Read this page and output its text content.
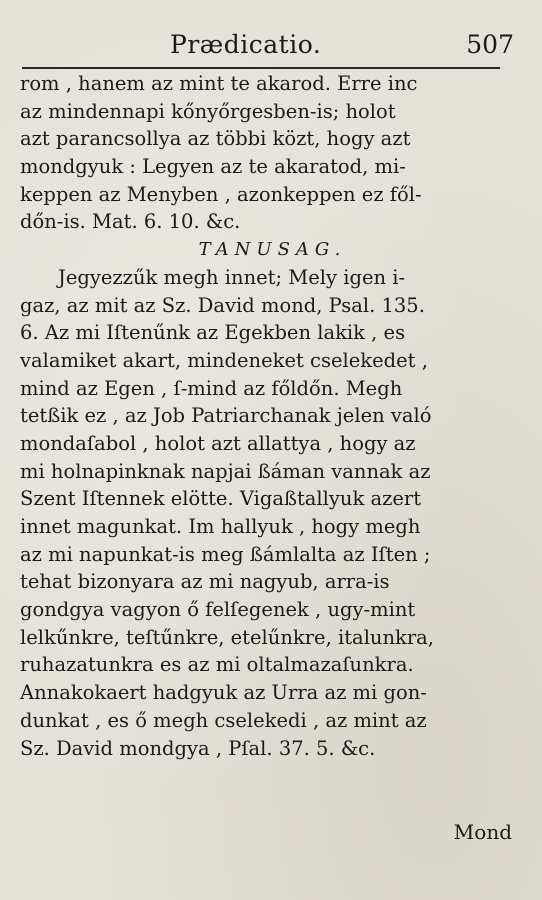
Prædicatio.	507
rom , hanem az mint te akarod. Erre inc
az mindennapi kőnyőrgesben-is; holot
azt parancsollya az többi közt, hogy azt
mondgyuk : Legyen az te akaratod, mi-
keppen az Menyben , azonkeppen ez fől-
dőn-is. Mat. 6. 10. &c.
TANUSAG.
Jegyezzűk megh innet; Mely igen i-
gaz, az mit az Sz. David mond, Psal. 135.
6. Az mi Iſtenűnk az Egekben lakik , es
valamiket akart, mindeneket cselekedet ,
mind az Egen , ſ-mind az főldőn. Megh
tetßik ez , az Job Patriarchanak jelen való
mondaſabol , holot azt allattya , hogy az
mi holnapinknak napjai ßáman vannak az
Szent Iſtennek elötte. Vigaßtallyuk azert
innet magunkat. Im hallyuk , hogy megh
az mi napunkat-is meg ßámlalta az Iſten ;
tehat bizonyara az mi nagyub, arra-is
gondgya vagyon ő felſegenek , ugy-mint
lelkűnkre, teſtűnkre, etelűnkre, italunkra,
ruhazatunkra es az mi oltalmazaſunkra.
Annakokaert hadgyuk az Urra az mi gon-
dunkat , es ő megh cselekedi , az mint az
Sz. David mondgya , Pſal. 37. 5. &c.
Mond
